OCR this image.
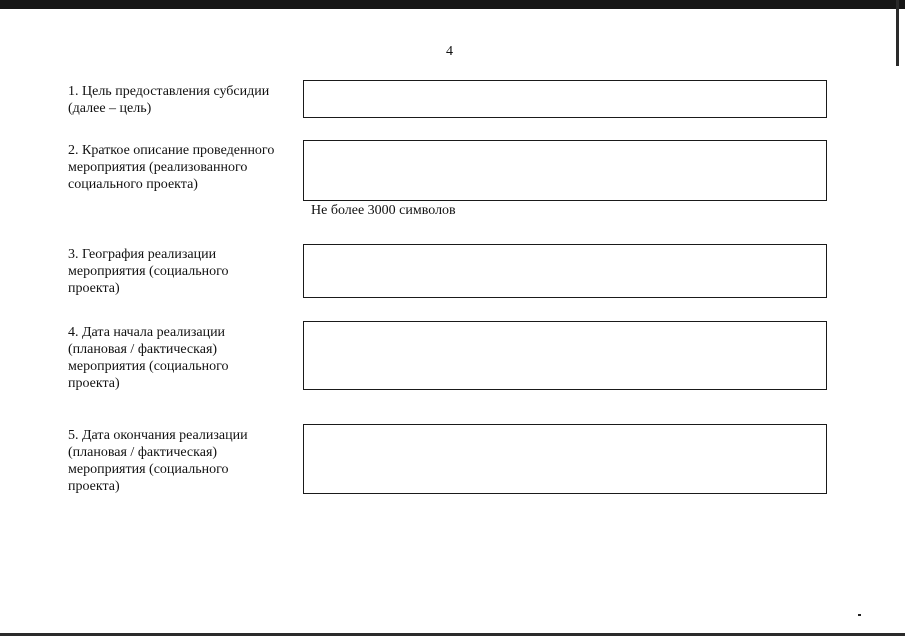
4
1. Цель предоставления субсидии
(далее – цель)
2. Краткое описание проведенного
мероприятия (реализованного
социального проекта)
Не более 3000 символов
3. География реализации
мероприятия (социального
проекта)
4. Дата начала реализации
(плановая / фактическая)
мероприятия (социального
проекта)
5. Дата окончания реализации
(плановая / фактическая)
мероприятия (социального
проекта)
